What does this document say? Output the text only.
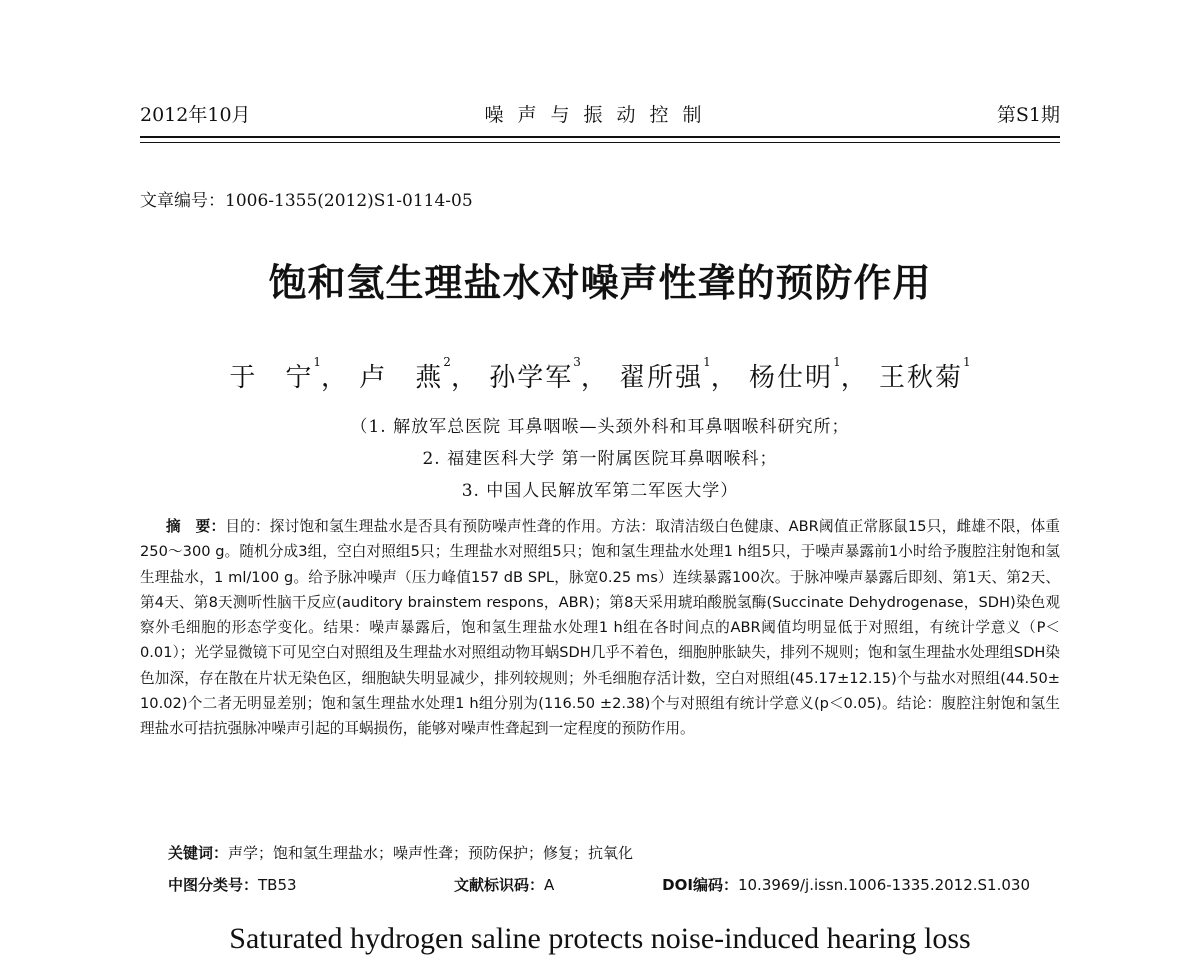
2012年10月	噪声与振动控制	第S1期
文章编号：1006-1355(2012)S1-0114-05
饱和氢生理盐水对噪声性聋的预防作用
于　宁$^1$， 卢　燕$^2$， 孙学军$^3$， 翟所强$^1$， 杨仕明$^1$， 王秋菊$^1$
（1. 解放军总医院 耳鼻咽喉—头颈外科和耳鼻咽喉科研究所；
2. 福建医科大学 第一附属医院耳鼻咽喉科；
3. 中国人民解放军第二军医大学）
摘　要：目的：探讨饱和氢生理盐水是否具有预防噪声性聋的作用。方法：取清洁级白色健康、ABR阈值正常豚鼠15只，雌雄不限，体重250～300 g。随机分成3组，空白对照组5只；生理盐水对照组5只；饱和氢生理盐水处理1 h组5只，于噪声暴露前1小时给予腹腔注射饱和氢生理盐水，1 ml/100 g。给予脉冲噪声（压力峰值157 dB SPL，脉宽0.25 ms）连续暴露100次。于脉冲噪声暴露后即刻、第1天、第2天、第4天、第8天测听性脑干反应(auditory brainstem respons，ABR)；第8天采用琥珀酸脱氢酶(Succinate Dehydrogenase，SDH)染色观察外毛细胞的形态学变化。结果：噪声暴露后，饱和氢生理盐水处理1 h组在各时间点的ABR阈值均明显低于对照组，有统计学意义（P＜0.01）；光学显微镜下可见空白对照组及生理盐水对照组动物耳蜗SDH几乎不着色，细胞肿胀缺失，排列不规则；饱和氢生理盐水处理组SDH染色加深，存在散在片状无染色区，细胞缺失明显减少，排列较规则；外毛细胞存活计数，空白对照组(45.17±12.15)个与盐水对照组(44.50± 10.02)个二者无明显差别；饱和氢生理盐水处理1 h组分别为(116.50 ±2.38)个与对照组有统计学意义(p＜0.05)。结论：腹腔注射饱和氢生理盐水可拮抗强脉冲噪声引起的耳蜗损伤，能够对噪声性聋起到一定程度的预防作用。
关键词：声学；饱和氢生理盐水；噪声性聋；预防保护；修复；抗氧化
中图分类号：TB53	文献标识码：A	DOI编码：10.3969/j.issn.1006-1335.2012.S1.030
Saturated hydrogen saline protects noise-induced hearing loss
